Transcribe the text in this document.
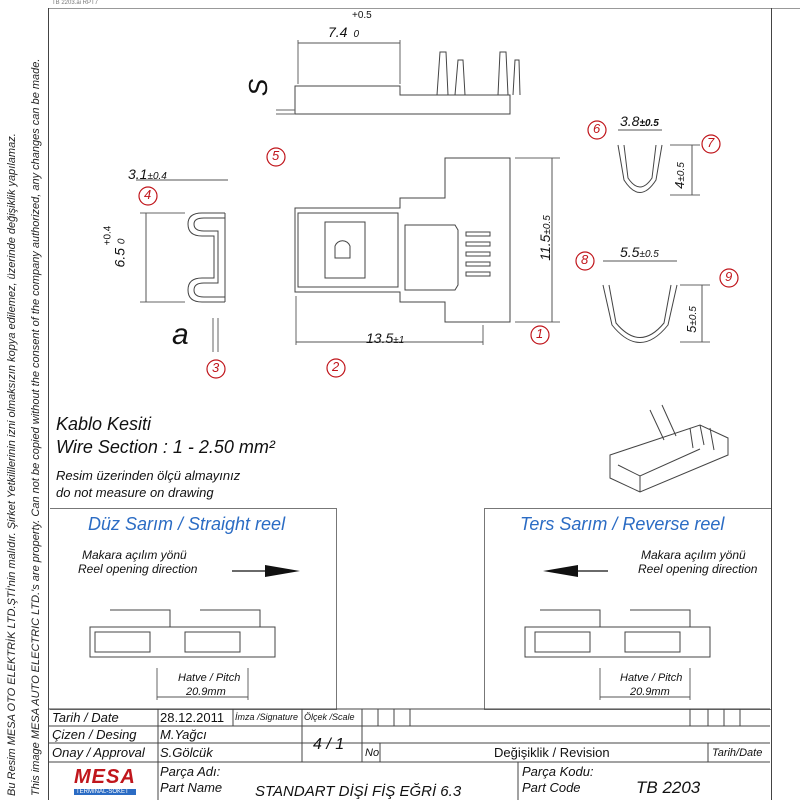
Bu Resim MESA OTO ELEKTRİK LTD.ŞTİ'nin malıdır. Şirket Yetkililerinin izni olmaksızın kopya edilemez, üzerinde değişiklik yapılamaz. This image MESA AUTO ELECTRIC LTD.'s are property. Can not be copied without the consent of the company authorized, any changes can be made.
TB 2203.ai RPT7
7.4 0
+0.5
S
3.1±0.4
6.5 0
+0.4
a	13.5±1
11.5±0.5
3.8±0.5
4±0.5
5.5±0.5
5±0.5
1
2
3
4
5
6
7
8
9
Kablo Kesiti
Wire Section : 1 - 2.50 mm²
Resim üzerinden ölçü almayınız
do not measure on drawing
Düz Sarım / Straight reel
Makara açılım yönü
Reel opening direction
Hatve / Pitch
20.9mm
Ters Sarım / Reverse reel
Makara açılım yönü
Reel opening direction
Hatve / Pitch
20.9mm
Tarih / Date	28.12.2011 İmza /Signature Ölçek /Scale
Çizen / Desing M.Yağcı
Onay / Approval S.Gölcük	4 / 1 No	Değişiklik / Revision	Tarih/Date
MESA
TERMINAL-SOKET
Parça Adı:
Part Name STANDART DİŞİ FİŞ EĞRİ 6.3
Parça Kodu:
Part Code	TB 2203
